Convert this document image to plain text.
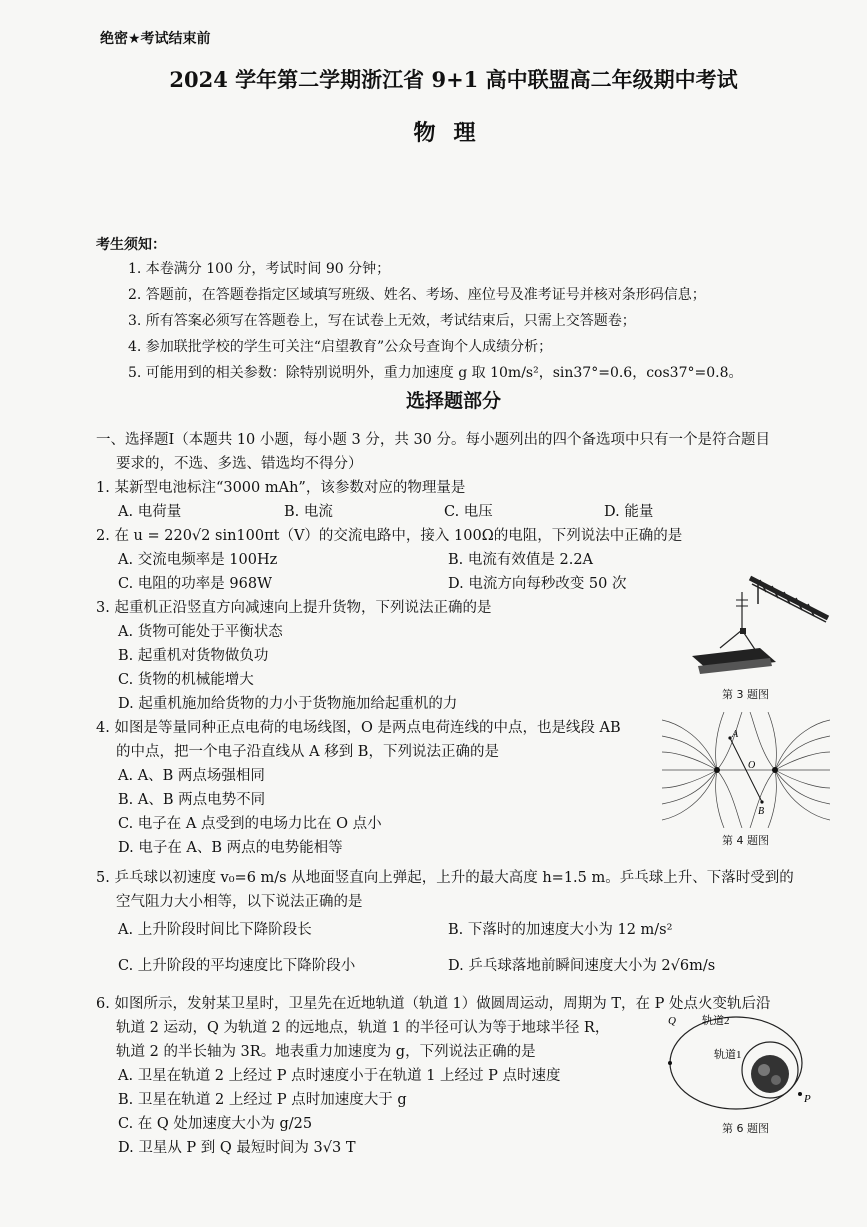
绝密★考试结束前
2024 学年第二学期浙江省 9+1 高中联盟高二年级期中考试
物理
考生须知：
1. 本卷满分 100 分，考试时间 90 分钟；
2. 答题前，在答题卷指定区域填写班级、姓名、考场、座位号及准考证号并核对条形码信息；
3. 所有答案必须写在答题卷上，写在试卷上无效，考试结束后，只需上交答题卷；
4. 参加联批学校的学生可关注“启望教育”公众号查询个人成绩分析；
5. 可能用到的相关参数：除特别说明外，重力加速度 g 取 10m/s²，sin37°=0.6，cos37°=0.8。
选择题部分
一、选择题Ⅰ（本题共 10 小题，每小题 3 分，共 30 分。每小题列出的四个备选项中只有一个是符合题目
要求的，不选、多选、错选均不得分）
1. 某新型电池标注“3000 mAh”，该参数对应的物理量是
A. 电荷量	B. 电流	C. 电压	D. 能量
2. 在 u = 220√2 sin100πt（V）的交流电路中，接入 100Ω的电阻，下列说法中正确的是
A. 交流电频率是 100Hz	B. 电流有效值是 2.2A
C. 电阻的功率是 968W	D. 电流方向每秒改变 50 次
3. 起重机正沿竖直方向减速向上提升货物，下列说法正确的是
A. 货物可能处于平衡状态
B. 起重机对货物做负功
C. 货物的机械能增大
D. 起重机施加给货物的力小于货物施加给起重机的力
4. 如图是等量同种正点电荷的电场线图，O 是两点电荷连线的中点，也是线段 AB
的中点，把一个电子沿直线从 A 移到 B，下列说法正确的是
A. A、B 两点场强相同
B. A、B 两点电势不同
C. 电子在 A 点受到的电场力比在 O 点小
D. 电子在 A、B 两点的电势能相等
5. 乒乓球以初速度 v₀=6 m/s 从地面竖直向上弹起，上升的最大高度 h=1.5 m。乒乓球上升、下落时受到的
空气阻力大小相等，以下说法正确的是
A. 上升阶段时间比下降阶段长	B. 下落时的加速度大小为 12 m/s²
C. 上升阶段的平均速度比下降阶段小	D. 乒乓球落地前瞬间速度大小为 2√6m/s
6. 如图所示，发射某卫星时，卫星先在近地轨道（轨道 1）做圆周运动，周期为 T，在 P 处点火变轨后沿
轨道 2 运动，Q 为轨道 2 的远地点，轨道 1 的半径可认为等于地球半径 R，
轨道 2 的半长轴为 3R。地表重力加速度为 g，下列说法正确的是
A. 卫星在轨道 2 上经过 P 点时速度小于在轨道 1 上经过 P 点时速度
B. 卫星在轨道 2 上经过 P 点时加速度大于 g
C. 在 Q 处加速度大小为 g/25
D. 卫星从 P 到 Q 最短时间为 3√3 T
第 3 题图
A
O
B
第 4 题图
Q 轨道2
轨道1
P
第 6 题图
